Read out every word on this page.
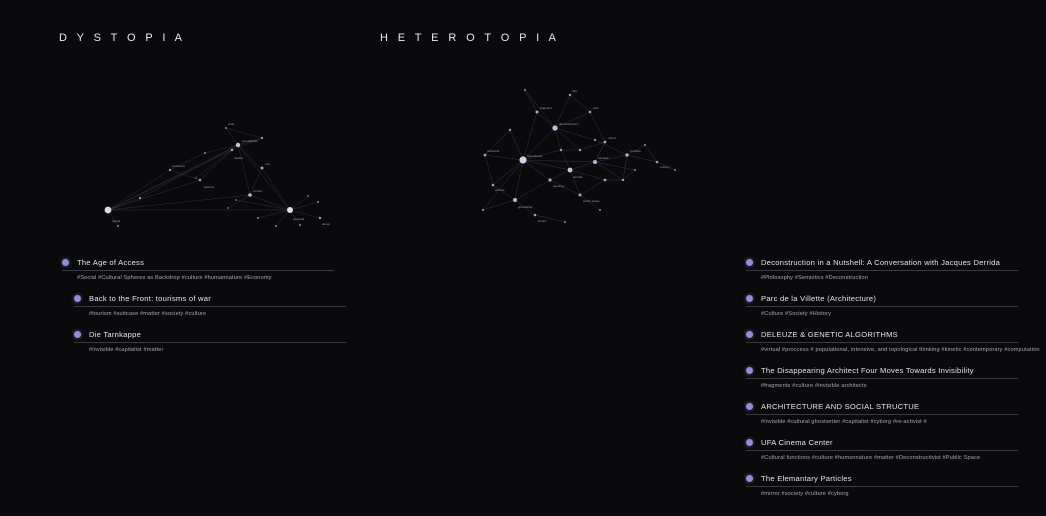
D Y S T O P I A
utopia
surveillance
dystopia
control
machine
enclosure
capital
ruin
exile
decay
The Age of Access
#Social #Cultural Spheres as Backdrop #culture #humannature #Economy
Back to the Front: tourisms of war
#tourism #suitcase #matter #society #culture
Die Tarnkappe
#invisible #capitalist #matter
H E T E R O T O P I A
heterotopia
deconstruction
derrida
foucault
invisible
cyborg
fragment
folly
parc
mirror
threshold
archive
ghostwriter
kinetic
topology
public space
Deconstruction in a Nutshell: A Conversation with Jacques Derrida
#Philosophy #Semiotics #Deconstruction
Parc de la Villette (Architecture)
#Culture #Society #History
DELEUZE & GENETIC ALGORITHMS
#virtual #proccess # populational, intensive, and topological thinking #kinetic #contemporary #computation
The Disappearing Architect Four Moves Towards Invisibility
#fragments #culture #invisible architects
ARCHITECTURE AND SOCIAL STRUCTUE
#invisible #cultural ghostwriter #capitalist #cyborg #re-activist #
UFA Cinema Center
#Cultural functions #culture #humsnnature #matter #Deconstructivist #Public Space
The Elemantary Particles
#mirror #society #culture #cyborg
